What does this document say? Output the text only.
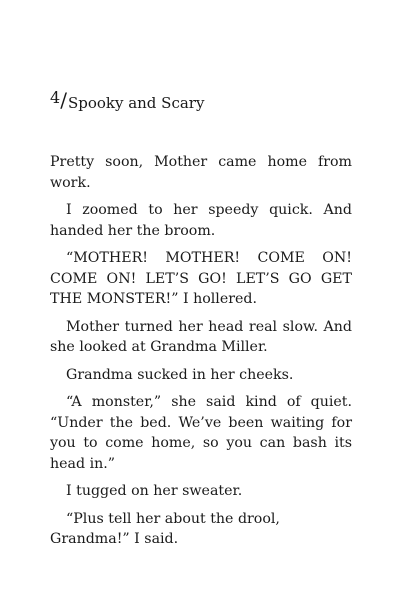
4/Spooky and Scary

Pretty soon, Mother came home from work.

I zoomed to her speedy quick. And handed her the broom.

“MOTHER! MOTHER! COME ON! COME ON! LET’S GO! LET’S GO GET THE MONSTER!” I hollered.

Mother turned her head real slow. And she looked at Grandma Miller.

Grandma sucked in her cheeks.

“A monster,” she said kind of quiet. “Under the bed. We’ve been waiting for you to come home, so you can bash its head in.”

I tugged on her sweater.

“Plus tell her about the drool, Grandma!” I said.
